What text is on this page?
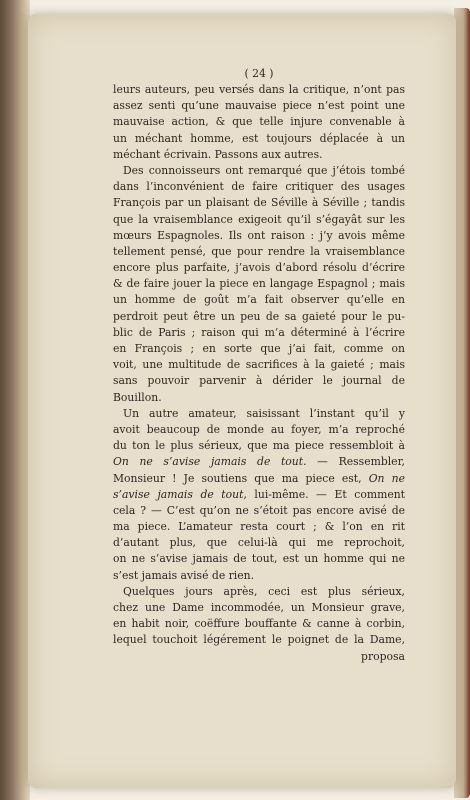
( 24 )
leurs auteurs, peu versés dans la critique, n’ont pas
assez senti qu’une mauvaise piece n’est point une
mauvaise action, & que telle injure convenable à
un méchant homme, est toujours déplacée à un
méchant écrivain. Passons aux autres.
Des connoisseurs ont remarqué que j’étois tombé
dans l’inconvénient de faire critiquer des usages
François par un plaisant de Séville à Séville ; tandis
que la vraisemblance exigeoit qu’il s’égayât sur les
mœurs Espagnoles. Ils ont raison : j’y avois même
tellement pensé, que pour rendre la vraisemblance
encore plus parfaite, j’avois d’abord résolu d’écrire
& de faire jouer la piece en langage Espagnol ; mais
un homme de goût m’a fait observer qu’elle en
perdroit peut être un peu de sa gaieté pour le pu-
blic de Paris ; raison qui m’a déterminé à l’écrire
en François ; en sorte que j’ai fait, comme on
voit, une multitude de sacrifices à la gaieté ; mais
sans pouvoir parvenir à dérider le journal de
Bouillon.
Un autre amateur, saisissant l’instant qu’il y
avoit beaucoup de monde au foyer, m’a reproché
du ton le plus sérieux, que ma piece ressembloit à
On ne s’avise jamais de tout. — Ressembler,
Monsieur ! Je soutiens que ma piece est, On ne
s’avise jamais de tout, lui-même. — Et comment
cela ? — C’est qu’on ne s’étoit pas encore avisé de
ma piece. L’amateur resta court ; & l’on en rit
d’autant plus, que celui-là qui me reprochoit,
on ne s’avise jamais de tout, est un homme qui ne
s’est jamais avisé de rien.
Quelques jours après, ceci est plus sérieux,
chez une Dame incommodée, un Monsieur grave,
en habit noir, coëffure bouffante & canne à corbin,
lequel touchoit légérement le poignet de la Dame,
proposa
